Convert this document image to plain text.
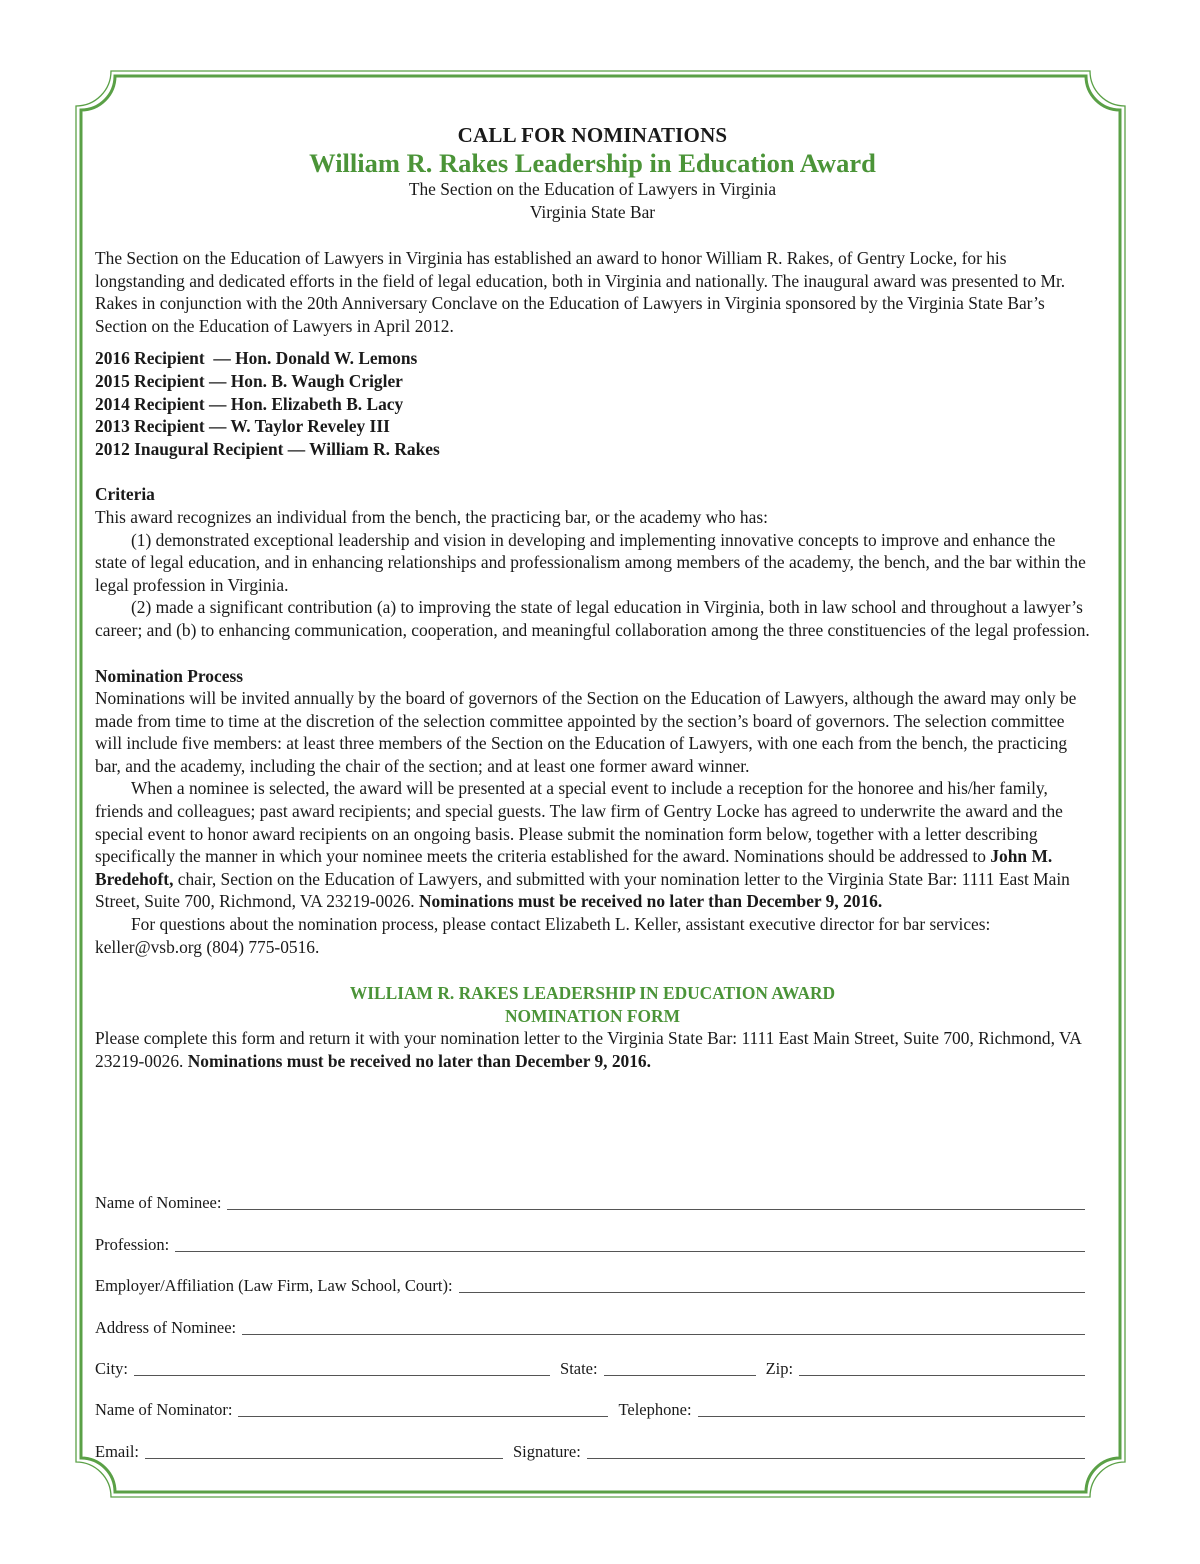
CALL FOR NOMINATIONS
William R. Rakes Leadership in Education Award
The Section on the Education of Lawyers in Virginia
Virginia State Bar

The Section on the Education of Lawyers in Virginia has established an award to honor William R. Rakes, of Gentry Locke, for his longstanding and dedicated efforts in the field of legal education, both in Virginia and nationally. The inaugural award was presented to Mr. Rakes in conjunction with the 20th Anniversary Conclave on the Education of Lawyers in Virginia sponsored by the Virginia State Bar’s Section on the Education of Lawyers in April 2012.

2016 Recipient  — Hon. Donald W. Lemons
2015 Recipient — Hon. B. Waugh Crigler
2014 Recipient — Hon. Elizabeth B. Lacy
2013 Recipient — W. Taylor Reveley III
2012 Inaugural Recipient — William R. Rakes
Criteria

This award recognizes an individual from the bench, the practicing bar, or the academy who has:

(1) demonstrated exceptional leadership and vision in developing and implementing innovative concepts to improve and enhance the state of legal education, and in enhancing relationships and professionalism among members of the academy, the bench, and the bar within the legal profession in Virginia.

(2) made a significant contribution (a) to improving the state of legal education in Virginia, both in law school and throughout a lawyer’s career; and (b) to enhancing communication, cooperation, and meaningful collaboration among the three constituencies of the legal profession.

Nomination Process

Nominations will be invited annually by the board of governors of the Section on the Education of Lawyers, although the award may only be made from time to time at the discretion of the selection committee appointed by the section’s board of governors. The selection committee will include five members: at least three members of the Section on the Education of Lawyers, with one each from the bench, the practicing bar, and the academy, including the chair of the section; and at least one former award winner.

When a nominee is selected, the award will be presented at a special event to include a reception for the honoree and his/her family, friends and colleagues; past award recipients; and special guests. The law firm of Gentry Locke has agreed to underwrite the award and the special event to honor award recipients on an ongoing basis. Please submit the nomination form below, together with a letter describing specifically the manner in which your nominee meets the criteria established for the award. Nominations should be addressed to John M. Bredehoft, chair, Section on the Education of Lawyers, and submitted with your nomination letter to the Virginia State Bar: 1111 East Main Street, Suite 700, Richmond, VA 23219-0026. Nominations must be received no later than December 9, 2016.

For questions about the nomination process, please contact Elizabeth L. Keller, assistant executive director for bar services: keller@vsb.org (804) 775-0516.

WILLIAM R. RAKES LEADERSHIP IN EDUCATION AWARD
NOMINATION FORM

Please complete this form and return it with your nomination letter to the Virginia State Bar: 1111 East Main Street, Suite 700, Richmond, VA 23219-0026. Nominations must be received no later than December 9, 2016.

Name of Nominee:
Profession:
Employer/Affiliation (Law Firm, Law School, Court):
Address of Nominee:
City:	State:	Zip:
Name of Nominator:	Telephone:
Email:	Signature:
